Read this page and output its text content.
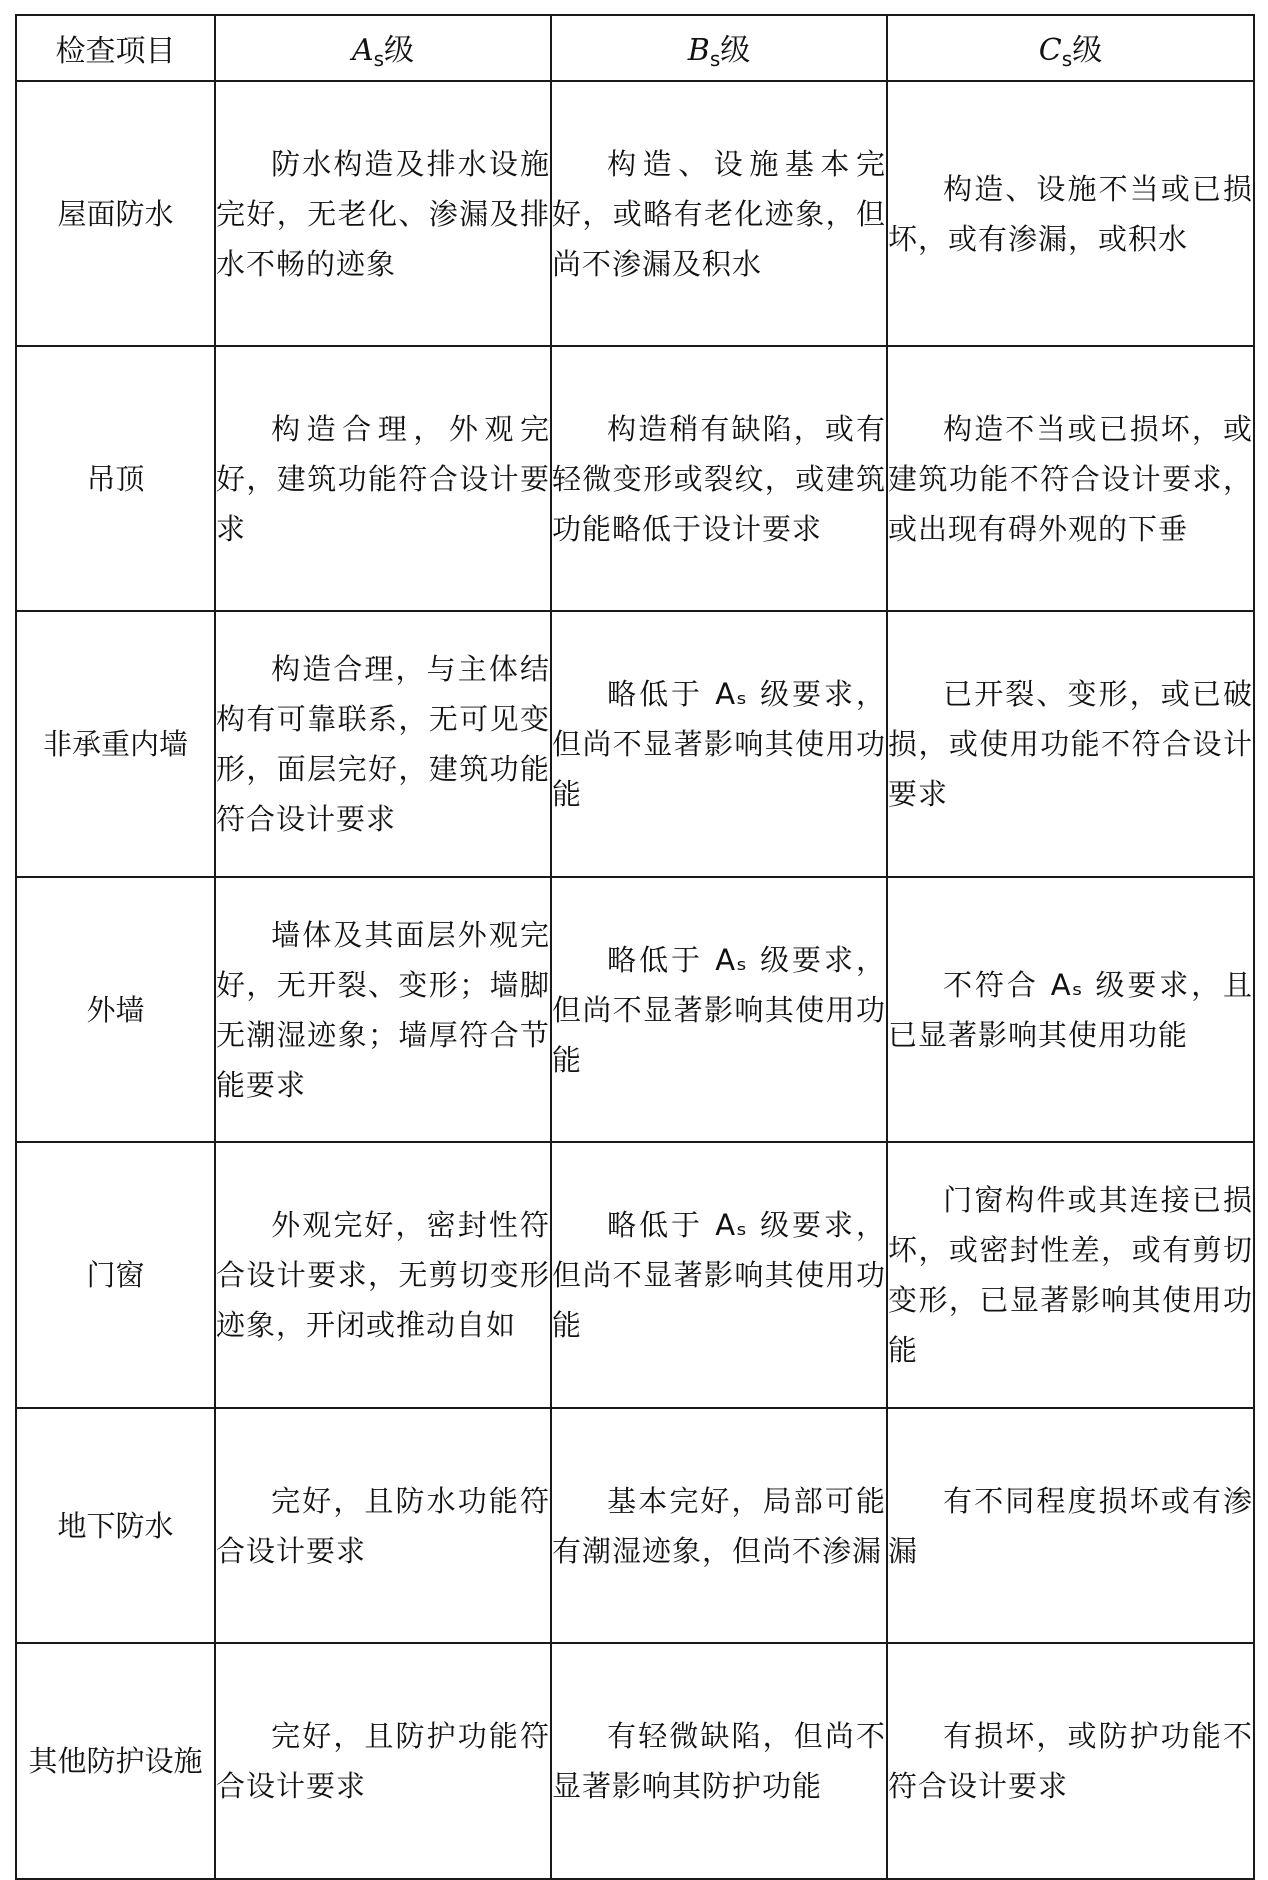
检查项目	$A_s$级	$B_s$级	$C_s$级
屋面防水	防水构造及排水设施完好，无老化、渗漏及排水不畅的迹象	构造、设施基本完好，或略有老化迹象，但尚不渗漏及积水	构造、设施不当或已损坏，或有渗漏，或积水
吊顶	构造合理，外观完好，建筑功能符合设计要求	构造稍有缺陷，或有轻微变形或裂纹，或建筑功能略低于设计要求	构造不当或已损坏，或建筑功能不符合设计要求，或出现有碍外观的下垂
非承重内墙	构造合理，与主体结构有可靠联系，无可见变形，面层完好，建筑功能符合设计要求	略低于 Aₛ 级要求，但尚不显著影响其使用功能	已开裂、变形，或已破损，或使用功能不符合设计要求
外墙	墙体及其面层外观完好，无开裂、变形；墙脚无潮湿迹象；墙厚符合节能要求	略低于 Aₛ 级要求，但尚不显著影响其使用功能	不符合 Aₛ 级要求，且已显著影响其使用功能
门窗	外观完好，密封性符合设计要求，无剪切变形迹象，开闭或推动自如	略低于 Aₛ 级要求，但尚不显著影响其使用功能	门窗构件或其连接已损坏，或密封性差，或有剪切变形，已显著影响其使用功能
地下防水	完好，且防水功能符合设计要求	基本完好，局部可能有潮湿迹象，但尚不渗漏	有不同程度损坏或有渗漏
其他防护设施	完好，且防护功能符合设计要求	有轻微缺陷，但尚不显著影响其防护功能	有损坏，或防护功能不符合设计要求
